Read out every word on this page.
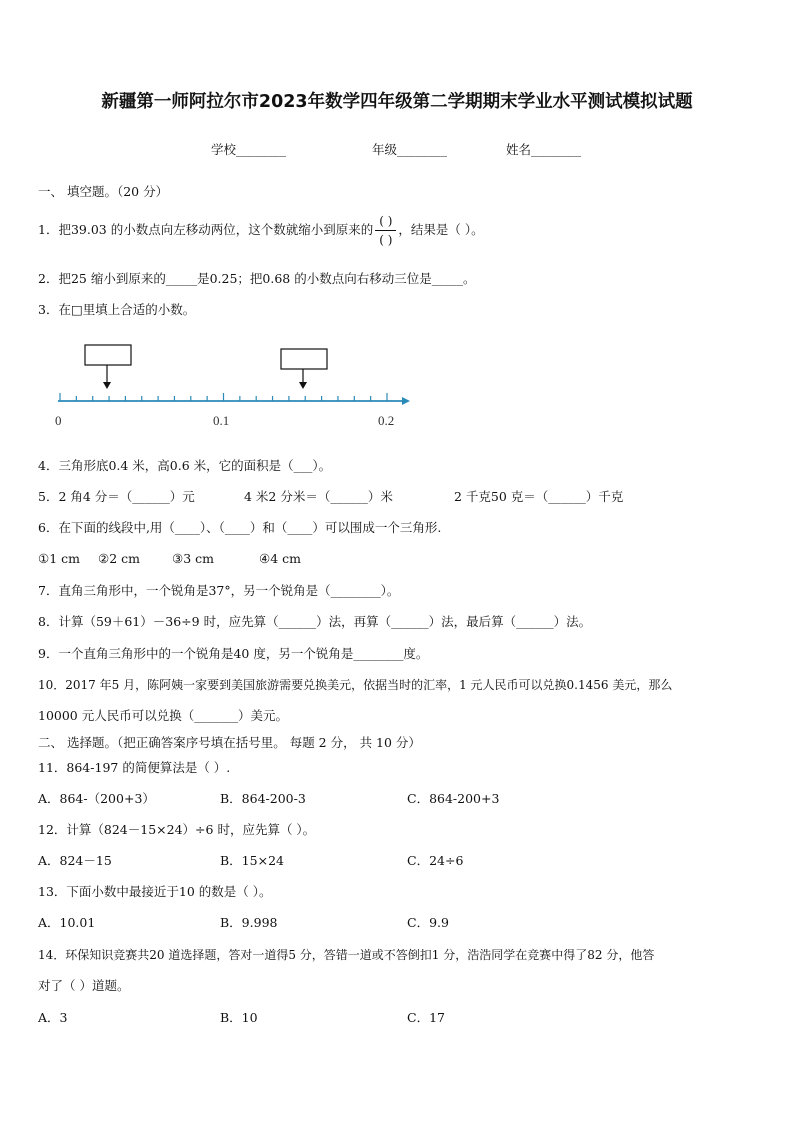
新疆第一师阿拉尔市2023年数学四年级第二学期期末学业水平测试模拟试题
学校________	年级________	姓名________
一、 填空题。（20 分）
1．把39.03 的小数点向左移动两位，这个数就缩小到原来的 $\frac{( )}{( )}$ ，结果是（ ）。
2．把25 缩小到原来的_____是0.25；把0.68 的小数点向右移动三位是_____。
3．在□里填上合适的小数。
0	0.1	0.2
4．三角形底0.4 米，高0.6 米，它的面积是（___）。
5．2 角4 分＝（______）元	4 米2 分米＝（______）米	2 千克50 克＝（______）千克
6．在下面的线段中,用（____）、（____）和（____）可以围成一个三角形.
①1 cm ②2 cm	③3 cm	④4 cm
7．直角三角形中，一个锐角是37°，另一个锐角是（________）。
8．计算（59＋61）－36÷9 时，应先算（______）法，再算（______）法，最后算（______）法。
9．一个直角三角形中的一个锐角是40 度，另一个锐角是________度。
10．2017 年5 月，陈阿姨一家要到美国旅游需要兑换美元，依据当时的汇率，1 元人民币可以兑换0.1456 美元，那么
10000 元人民币可以兑换（_______）美元。
二、 选择题。（把正确答案序号填在括号里。 每题 2 分， 共 10 分）
11．864-197 的简便算法是（ ）.
A．864-（200+3）	B．864-200-3	C．864-200+3
12．计算（824－15×24）÷6 时，应先算（ ）。
A．824－15	B．15×24	C．24÷6
13．下面小数中最接近于10 的数是（ ）。
A．10.01	B．9.998	C．9.9
14．环保知识竞赛共20 道选择题，答对一道得5 分，答错一道或不答倒扣1 分，浩浩同学在竞赛中得了82 分，他答
对了（ ）道题。
A．3	B．10	C．17
